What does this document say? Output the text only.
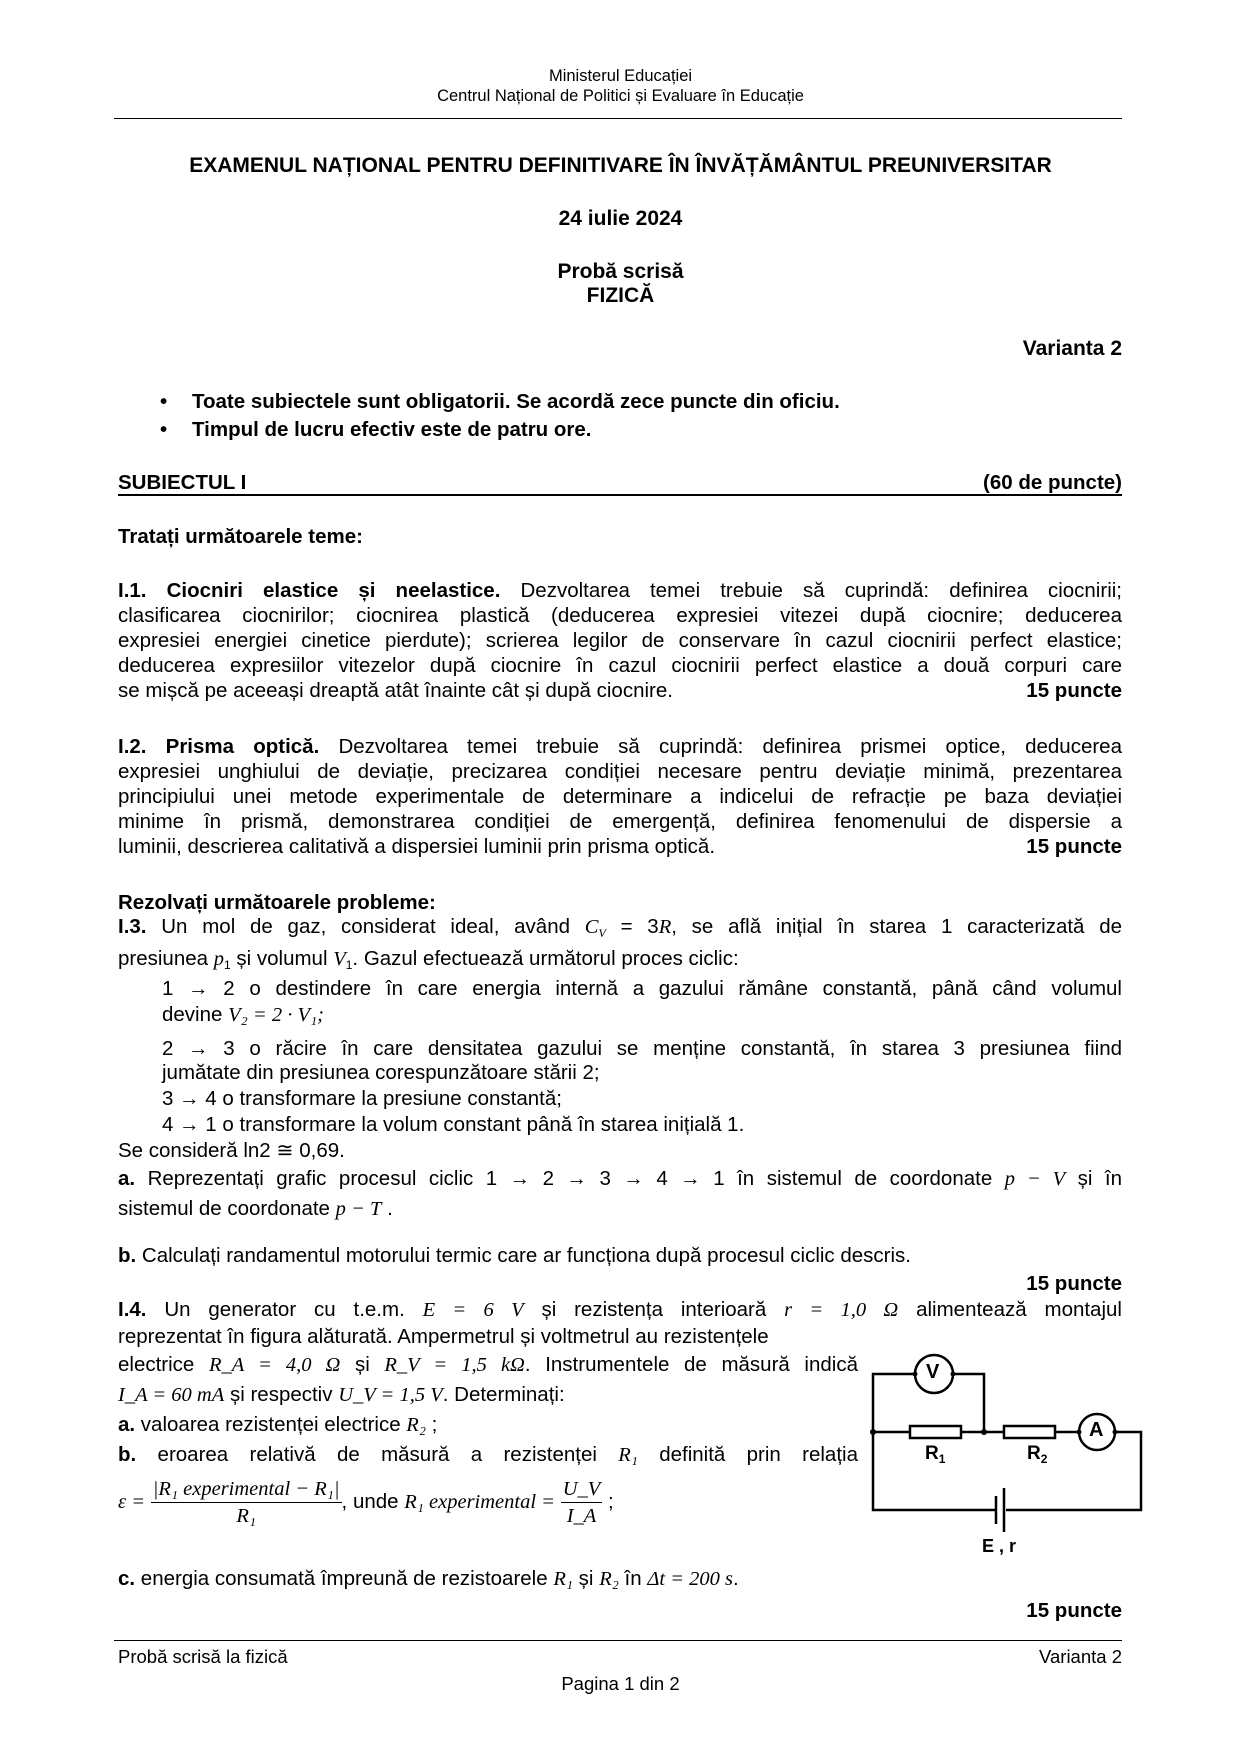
Ministerul Educației
Centrul Național de Politici și Evaluare în Educație
EXAMENUL NAȚIONAL PENTRU DEFINITIVARE ÎN ÎNVĂȚĂMÂNTUL PREUNIVERSITAR
24 iulie 2024
Probă scrisă
FIZICĂ
Varianta 2
• Toate subiectele sunt obligatorii. Se acordă zece puncte din oficiu.
• Timpul de lucru efectiv este de patru ore.
SUBIECTUL I	(60 de puncte)
Tratați următoarele teme:
I.1. Ciocniri elastice și neelastice. Dezvoltarea temei trebuie să cuprindă: definirea ciocnirii;
clasificarea ciocnirilor; ciocnirea plastică (deducerea expresiei vitezei după ciocnire; deducerea
expresiei energiei cinetice pierdute); scrierea legilor de conservare în cazul ciocnirii perfect elastice;
deducerea expresiilor vitezelor după ciocnire în cazul ciocnirii perfect elastice a două corpuri care
se mișcă pe aceeași dreaptă atât înainte cât și după ciocnire.	15 puncte
I.2. Prisma optică. Dezvoltarea temei trebuie să cuprindă: definirea prismei optice, deducerea
expresiei unghiului de deviație, precizarea condiției necesare pentru deviație minimă, prezentarea
principiului unei metode experimentale de determinare a indicelui de refracție pe baza deviației
minime în prismă, demonstrarea condiției de emergență, definirea fenomenului de dispersie a
luminii, descrierea calitativă a dispersiei luminii prin prisma optică.	15 puncte
Rezolvați următoarele probleme:
I.3. Un mol de gaz, considerat ideal, având $C_V = 3R$, se află inițial în starea 1 caracterizată de
presiunea $p_1$ și volumul $V_1$. Gazul efectuează următorul proces ciclic:
1 → 2 o destindere în care energia internă a gazului rămâne constantă, până când volumul
devine V₂ = 2 · V₁;
2 → 3 o răcire în care densitatea gazului se menține constantă, în starea 3 presiunea fiind
jumătate din presiunea corespunzătoare stării 2;
3 → 4 o transformare la presiune constantă;
4 → 1 o transformare la volum constant până în starea inițială 1.
Se consideră ln2 ≅ 0,69.
a. Reprezentați grafic procesul ciclic 1 → 2 → 3 → 4 → 1 în sistemul de coordonate p − V și în
sistemul de coordonate p − T .
b. Calculați randamentul motorului termic care ar funcționa după procesul ciclic descris.
15 puncte
I.4. Un generator cu t.e.m. E = 6 V și rezistența interioară r = 1,0 Ω alimentează montajul
reprezentat în figura alăturată. Ampermetrul și voltmetrul au rezistențele
electrice R_A = 4,0 Ω și R_V = 1,5 kΩ. Instrumentele de măsură indică
I_A = 60 mA și respectiv U_V = 1,5 V. Determinați:
a. valoarea rezistenței electrice R₂ ;
b. eroarea relativă de măsură a rezistenței R₁ definită prin relația
$\varepsilon = \frac{\text{|R₁ experimental − R₁|}}{\text{R₁}}$ , unde R₁ experimental = $\frac{U\_V}{I\_A}$ ;
c. energia consumată împreună de rezistoarele R₁ și R₂ în Δt = 200 s.
15 puncte
V
A
$R_1$	$R_2$
E , r
Probă scrisă la fizică	Varianta 2
Pagina 1 din 2
